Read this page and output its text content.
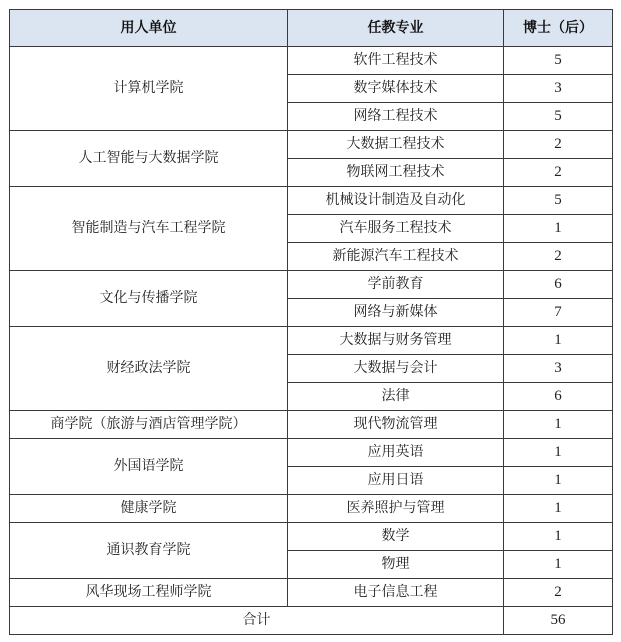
用人单位	任教专业	博士（后）
计算机学院	软件工程技术	5
	数字媒体技术	3
	网络工程技术	5
人工智能与大数据学院	大数据工程技术	2
	物联网工程技术	2
智能制造与汽车工程学院	机械设计制造及自动化	5
	汽车服务工程技术	1
	新能源汽车工程技术	2
文化与传播学院	学前教育	6
	网络与新媒体	7
财经政法学院	大数据与财务管理	1
	大数据与会计	3
	法律	6
商学院（旅游与酒店管理学院）	现代物流管理	1
外国语学院	应用英语	1
	应用日语	1
健康学院	医养照护与管理	1
通识教育学院	数学	1
	物理	1
风华现场工程师学院	电子信息工程	2
合计		56
